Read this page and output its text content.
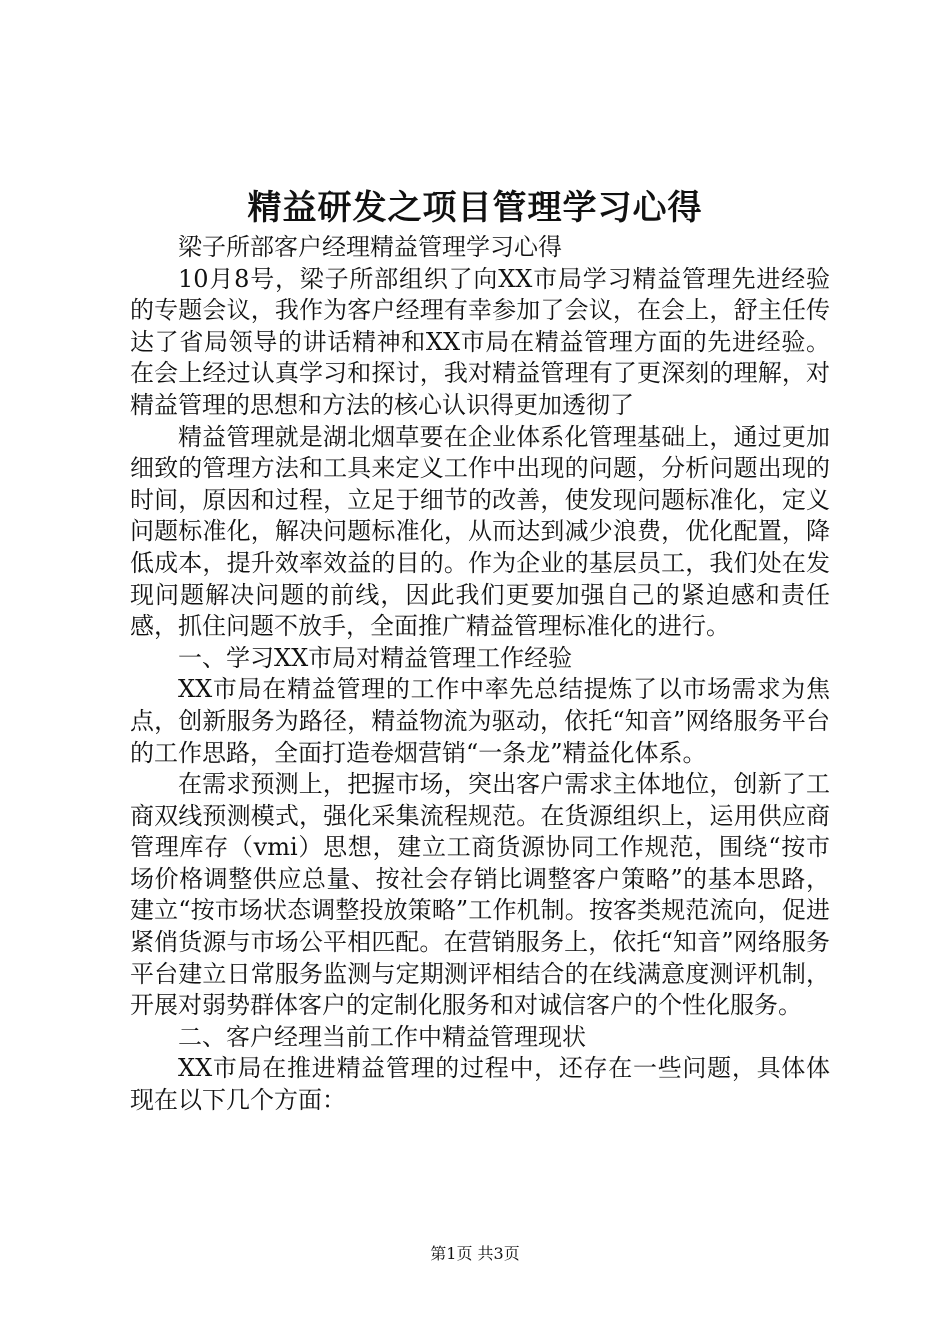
精益研发之项目管理学习心得

梁子所部客户经理精益管理学习心得

10月8号，梁子所部组织了向XX市局学习精益管理先进经验的专题会议，我作为客户经理有幸参加了会议，在会上，舒主任传达了省局领导的讲话精神和XX市局在精益管理方面的先进经验。在会上经过认真学习和探讨，我对精益管理有了更深刻的理解，对精益管理的思想和方法的核心认识得更加透彻了

精益管理就是湖北烟草要在企业体系化管理基础上，通过更加细致的管理方法和工具来定义工作中出现的问题，分析问题出现的时间，原因和过程，立足于细节的改善，使发现问题标准化，定义问题标准化，解决问题标准化，从而达到减少浪费，优化配置，降低成本，提升效率效益的目的。作为企业的基层员工，我们处在发现问题解决问题的前线，因此我们更要加强自己的紧迫感和责任感，抓住问题不放手，全面推广精益管理标准化的进行。

一、学习XX市局对精益管理工作经验

XX市局在精益管理的工作中率先总结提炼了以市场需求为焦点，创新服务为路径，精益物流为驱动，依托“知音”网络服务平台的工作思路，全面打造卷烟营销“一条龙”精益化体系。

在需求预测上，把握市场，突出客户需求主体地位，创新了工商双线预测模式，强化采集流程规范。在货源组织上，运用供应商管理库存（vmi）思想，建立工商货源协同工作规范，围绕“按市场价格调整供应总量、按社会存销比调整客户策略”的基本思路，建立“按市场状态调整投放策略”工作机制。按客类规范流向，促进紧俏货源与市场公平相匹配。在营销服务上，依托“知音”网络服务平台建立日常服务监测与定期测评相结合的在线满意度测评机制，开展对弱势群体客户的定制化服务和对诚信客户的个性化服务。

二、客户经理当前工作中精益管理现状

XX市局在推进精益管理的过程中，还存在一些问题，具体体现在以下几个方面：

第1页 共3页
